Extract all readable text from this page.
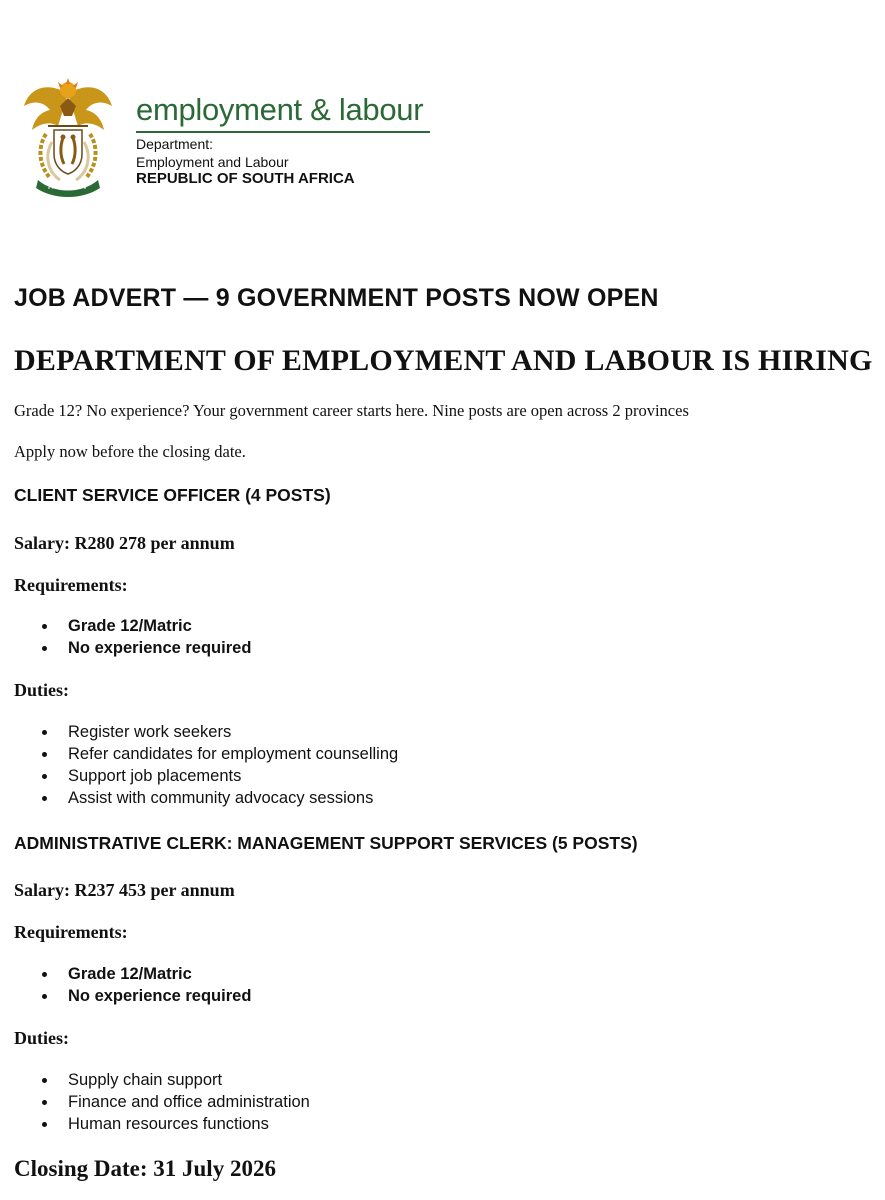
employment & labour
Department:
Employment and Labour
REPUBLIC OF SOUTH AFRICA
JOB ADVERT — 9 GOVERNMENT POSTS NOW OPEN
DEPARTMENT OF EMPLOYMENT AND LABOUR IS HIRING
Grade 12? No experience? Your government career starts here. Nine posts are open across 2 provinces
Apply now before the closing date.
CLIENT SERVICE OFFICER (4 POSTS)
Salary: R280 278 per annum
Requirements:
Grade 12/Matric
No experience required
Duties:
Register work seekers
Refer candidates for employment counselling
Support job placements
Assist with community advocacy sessions
ADMINISTRATIVE CLERK: MANAGEMENT SUPPORT SERVICES (5 POSTS)
Salary: R237 453 per annum
Requirements:
Grade 12/Matric
No experience required
Duties:
Supply chain support
Finance and office administration
Human resources functions
Closing Date: 31 July 2026
